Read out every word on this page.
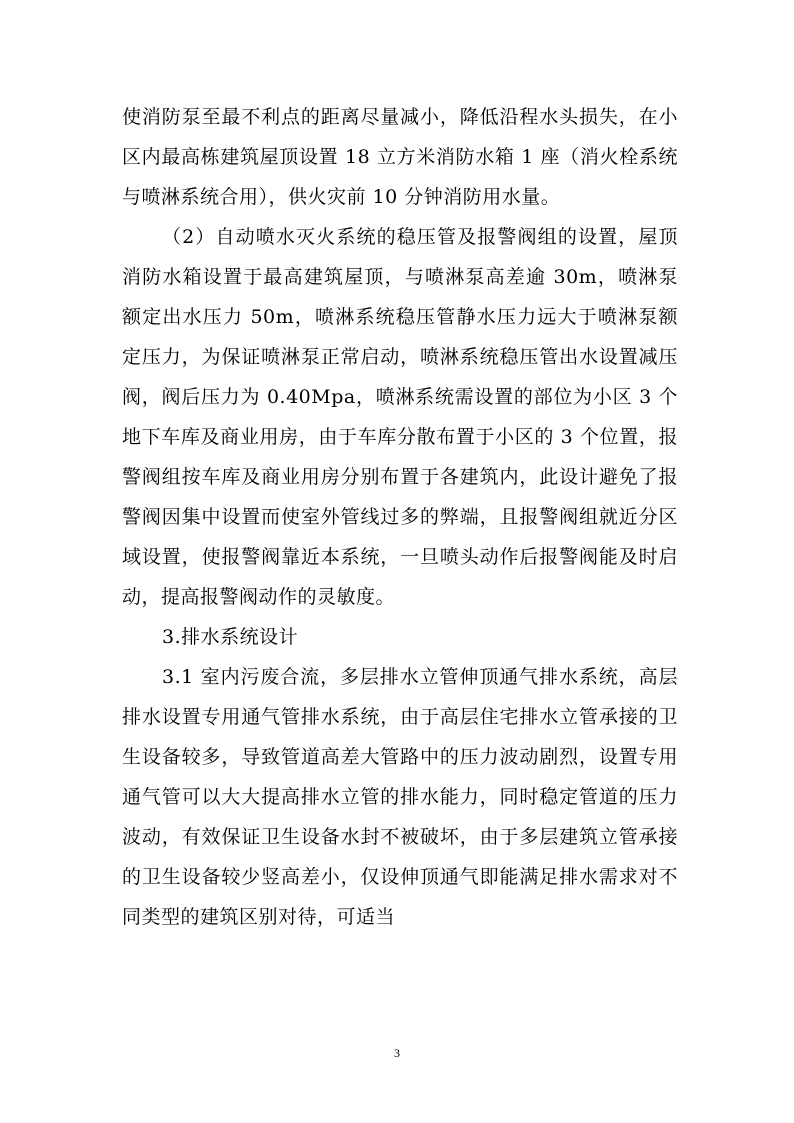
使消防泵至最不利点的距离尽量减小，降低沿程水头损失，在小区内最高栋建筑屋顶设置 18 立方米消防水箱 1 座（消火栓系统与喷淋系统合用），供火灾前 10 分钟消防用水量。

（2）自动喷水灭火系统的稳压管及报警阀组的设置，屋顶消防水箱设置于最高建筑屋顶，与喷淋泵高差逾 30m，喷淋泵额定出水压力 50m，喷淋系统稳压管静水压力远大于喷淋泵额定压力，为保证喷淋泵正常启动，喷淋系统稳压管出水设置减压阀，阀后压力为 0.40Mpa，喷淋系统需设置的部位为小区 3 个地下车库及商业用房，由于车库分散布置于小区的 3 个位置，报警阀组按车库及商业用房分别布置于各建筑内，此设计避免了报警阀因集中设置而使室外管线过多的弊端，且报警阀组就近分区域设置，使报警阀靠近本系统，一旦喷头动作后报警阀能及时启动，提高报警阀动作的灵敏度。

3.排水系统设计

3.1 室内污废合流，多层排水立管伸顶通气排水系统，高层排水设置专用通气管排水系统，由于高层住宅排水立管承接的卫生设备较多，导致管道高差大管路中的压力波动剧烈，设置专用通气管可以大大提高排水立管的排水能力，同时稳定管道的压力波动，有效保证卫生设备水封不被破坏，由于多层建筑立管承接的卫生设备较少竖高差小，仅设伸顶通气即能满足排水需求对不同类型的建筑区别对待，可适当

3
